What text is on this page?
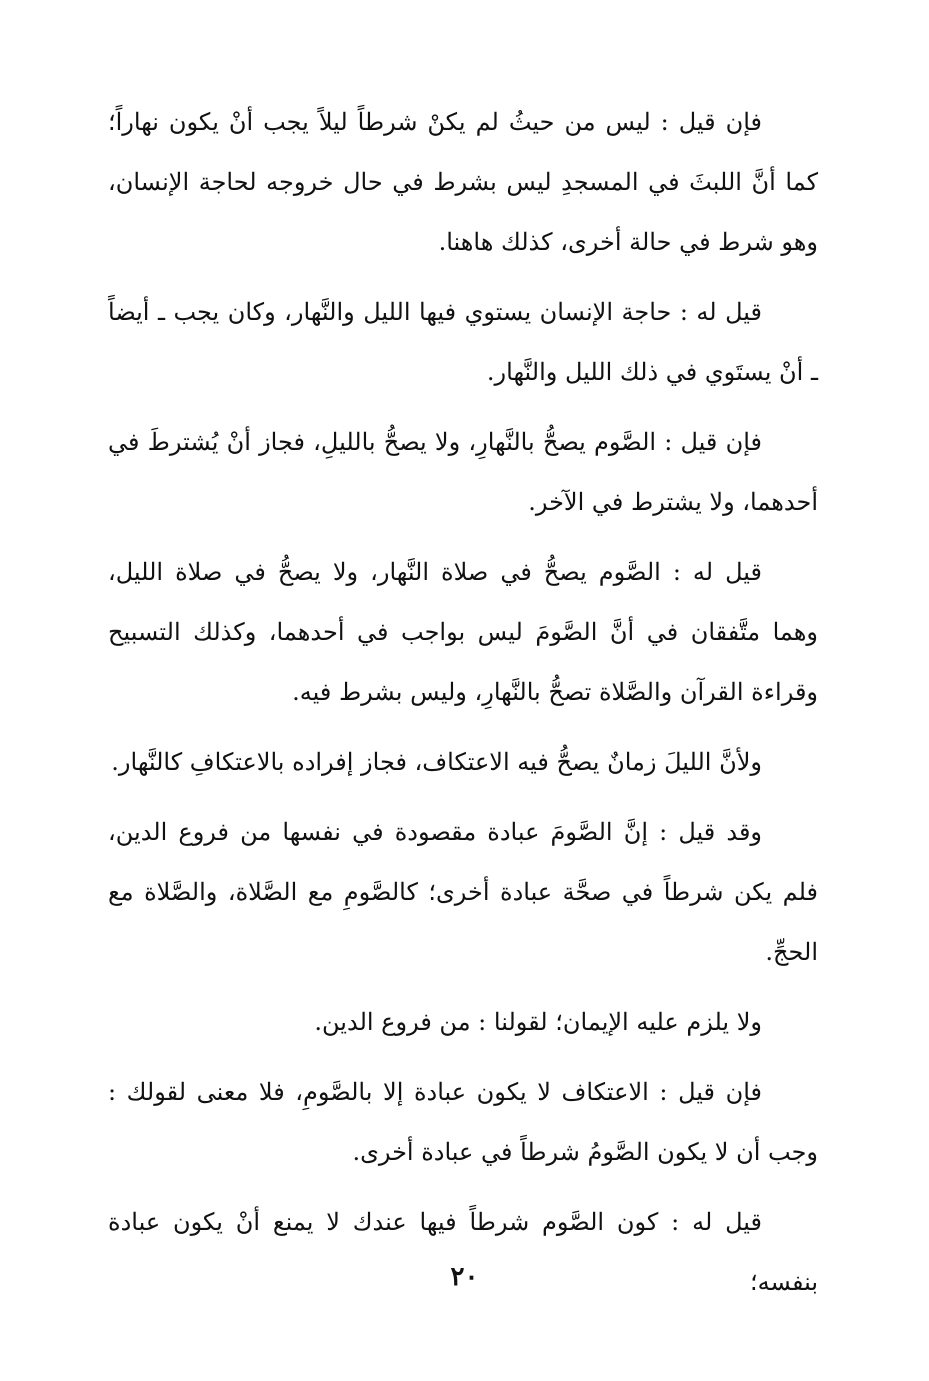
فإن قيل : ليس من حيثُ لم يكنْ شرطاً ليلاً يجب أنْ يكون نهاراً؛ كما أنَّ اللبثَ في المسجدِ ليس بشرط في حال خروجه لحاجة الإنسان، وهو شرط في حالة أخرى، كذلك هاهنا.

قيل له : حاجة الإنسان يستوي فيها الليل والنَّهار، وكان يجب ـ أيضاً ـ أنْ يستَوي في ذلك الليل والنَّهار.

فإن قيل : الصَّوم يصحُّ بالنَّهارِ، ولا يصحُّ بالليلِ، فجاز أنْ يُشترطَ في أحدهما، ولا يشترط في الآخر.

قيل له : الصَّوم يصحُّ في صلاة النَّهار، ولا يصحُّ في صلاة الليل، وهما متَّفقان في أنَّ الصَّومَ ليس بواجب في أحدهما، وكذلك التسبيح وقراءة القرآن والصَّلاة تصحُّ بالنَّهارِ، وليس بشرط فيه.

ولأنَّ الليلَ زمانٌ يصحُّ فيه الاعتكاف، فجاز إفراده بالاعتكافِ كالنَّهار.

وقد قيل : إنَّ الصَّومَ عبادة مقصودة في نفسها من فروع الدين، فلم يكن شرطاً في صحَّة عبادة أخرى؛ كالصَّومِ مع الصَّلاة، والصَّلاة مع الحجِّ.

ولا يلزم عليه الإيمان؛ لقولنا : من فروع الدين.

فإن قيل : الاعتكاف لا يكون عبادة إلا بالصَّومِ، فلا معنى لقولك : وجب أن لا يكون الصَّومُ شرطاً في عبادة أخرى.

قيل له : كون الصَّوم شرطاً فيها عندك لا يمنع أنْ يكون عبادة بنفسه؛

٢٠
